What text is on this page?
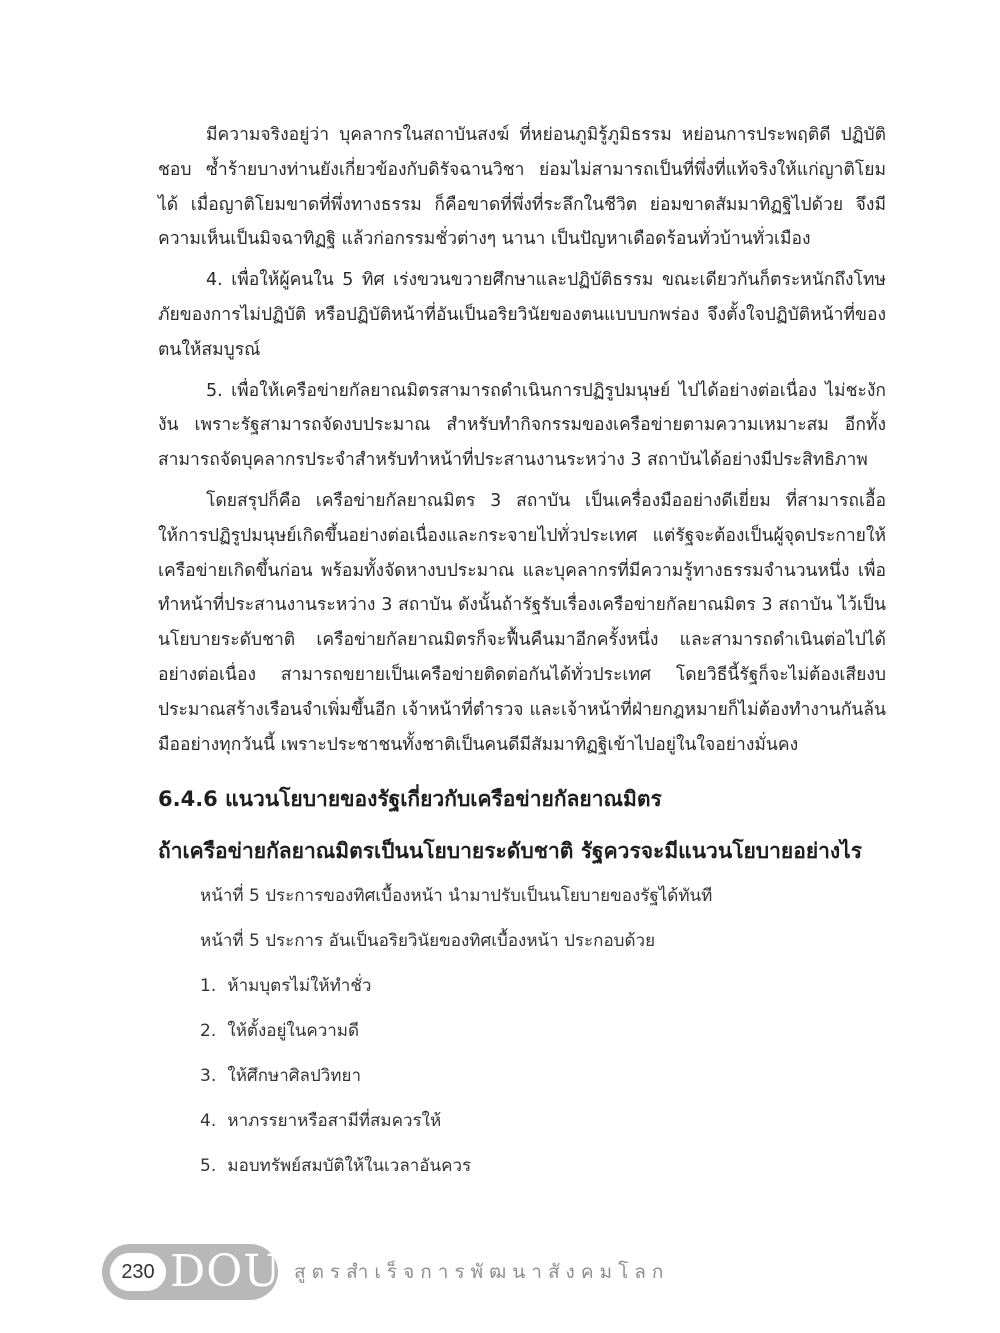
มีความจริงอยู่ว่า บุคลากรในสถาบันสงฆ์ ที่หย่อนภูมิรู้ภูมิธรรม หย่อนการประพฤติดี ปฏิบัติชอบ ซ้ำร้ายบางท่านยังเกี่ยวข้องกับดิรัจฉานวิชา ย่อมไม่สามารถเป็นที่พึ่งที่แท้จริงให้แก่ญาติโยมได้ เมื่อญาติโยมขาดที่พึ่งทางธรรม ก็คือขาดที่พึ่งที่ระลึกในชีวิต ย่อมขาดสัมมาทิฏฐิไปด้วย จึงมีความเห็นเป็นมิจฉาทิฏฐิ แล้วก่อกรรมชั่วต่างๆ นานา เป็นปัญหาเดือดร้อนทั่วบ้านทั่วเมือง

4. เพื่อให้ผู้คนใน 5 ทิศ เร่งขวนขวายศึกษาและปฏิบัติธรรม ขณะเดียวกันก็ตระหนักถึงโทษภัยของการไม่ปฏิบัติ หรือปฏิบัติหน้าที่อันเป็นอริยวินัยของตนแบบบกพร่อง จึงตั้งใจปฏิบัติหน้าที่ของตนให้สมบูรณ์

5. เพื่อให้เครือข่ายกัลยาณมิตรสามารถดำเนินการปฏิรูปมนุษย์ ไปได้อย่างต่อเนื่อง ไม่ชะงักงัน เพราะรัฐสามารถจัดงบประมาณ สำหรับทำกิจกรรมของเครือข่ายตามความเหมาะสม อีกทั้งสามารถจัดบุคลากรประจำสำหรับทำหน้าที่ประสานงานระหว่าง 3 สถาบันได้อย่างมีประสิทธิภาพ

โดยสรุปก็คือ เครือข่ายกัลยาณมิตร 3 สถาบัน เป็นเครื่องมืออย่างดีเยี่ยม ที่สามารถเอื้อให้การปฏิรูปมนุษย์เกิดขึ้นอย่างต่อเนื่องและกระจายไปทั่วประเทศ แต่รัฐจะต้องเป็นผู้จุดประกายให้เครือข่ายเกิดขึ้นก่อน พร้อมทั้งจัดหางบประมาณ และบุคลากรที่มีความรู้ทางธรรมจำนวนหนึ่ง เพื่อทำหน้าที่ประสานงานระหว่าง 3 สถาบัน ดังนั้นถ้ารัฐรับเรื่องเครือข่ายกัลยาณมิตร 3 สถาบัน ไว้เป็นนโยบายระดับชาติ เครือข่ายกัลยาณมิตรก็จะฟื้นคืนมาอีกครั้งหนึ่ง และสามารถดำเนินต่อไปได้อย่างต่อเนื่อง สามารถขยายเป็นเครือข่ายติดต่อกันได้ทั่วประเทศ โดยวิธีนี้รัฐก็จะไม่ต้องเสียงบประมาณสร้างเรือนจำเพิ่มขึ้นอีก เจ้าหน้าที่ตำรวจ และเจ้าหน้าที่ฝ่ายกฎหมายก็ไม่ต้องทำงานกันล้นมืออย่างทุกวันนี้ เพราะประชาชนทั้งชาติเป็นคนดีมีสัมมาทิฏฐิเข้าไปอยู่ในใจอย่างมั่นคง

6.4.6 แนวนโยบายของรัฐเกี่ยวกับเครือข่ายกัลยาณมิตร
ถ้าเครือข่ายกัลยาณมิตรเป็นนโยบายระดับชาติ รัฐควรจะมีแนวนโยบายอย่างไร

หน้าที่ 5 ประการของทิศเบื้องหน้า นำมาปรับเป็นนโยบายของรัฐได้ทันที

หน้าที่ 5 ประการ อันเป็นอริยวินัยของทิศเบื้องหน้า ประกอบด้วย

1. ห้ามบุตรไม่ให้ทำชั่ว
2. ให้ตั้งอยู่ในความดี
3. ให้ศึกษาศิลปวิทยา
4. หาภรรยาหรือสามีที่สมควรให้
5. มอบทรัพย์สมบัติให้ในเวลาอันควร
230 DOU สูตรสำเร็จการพัฒนาสังคมโลก
